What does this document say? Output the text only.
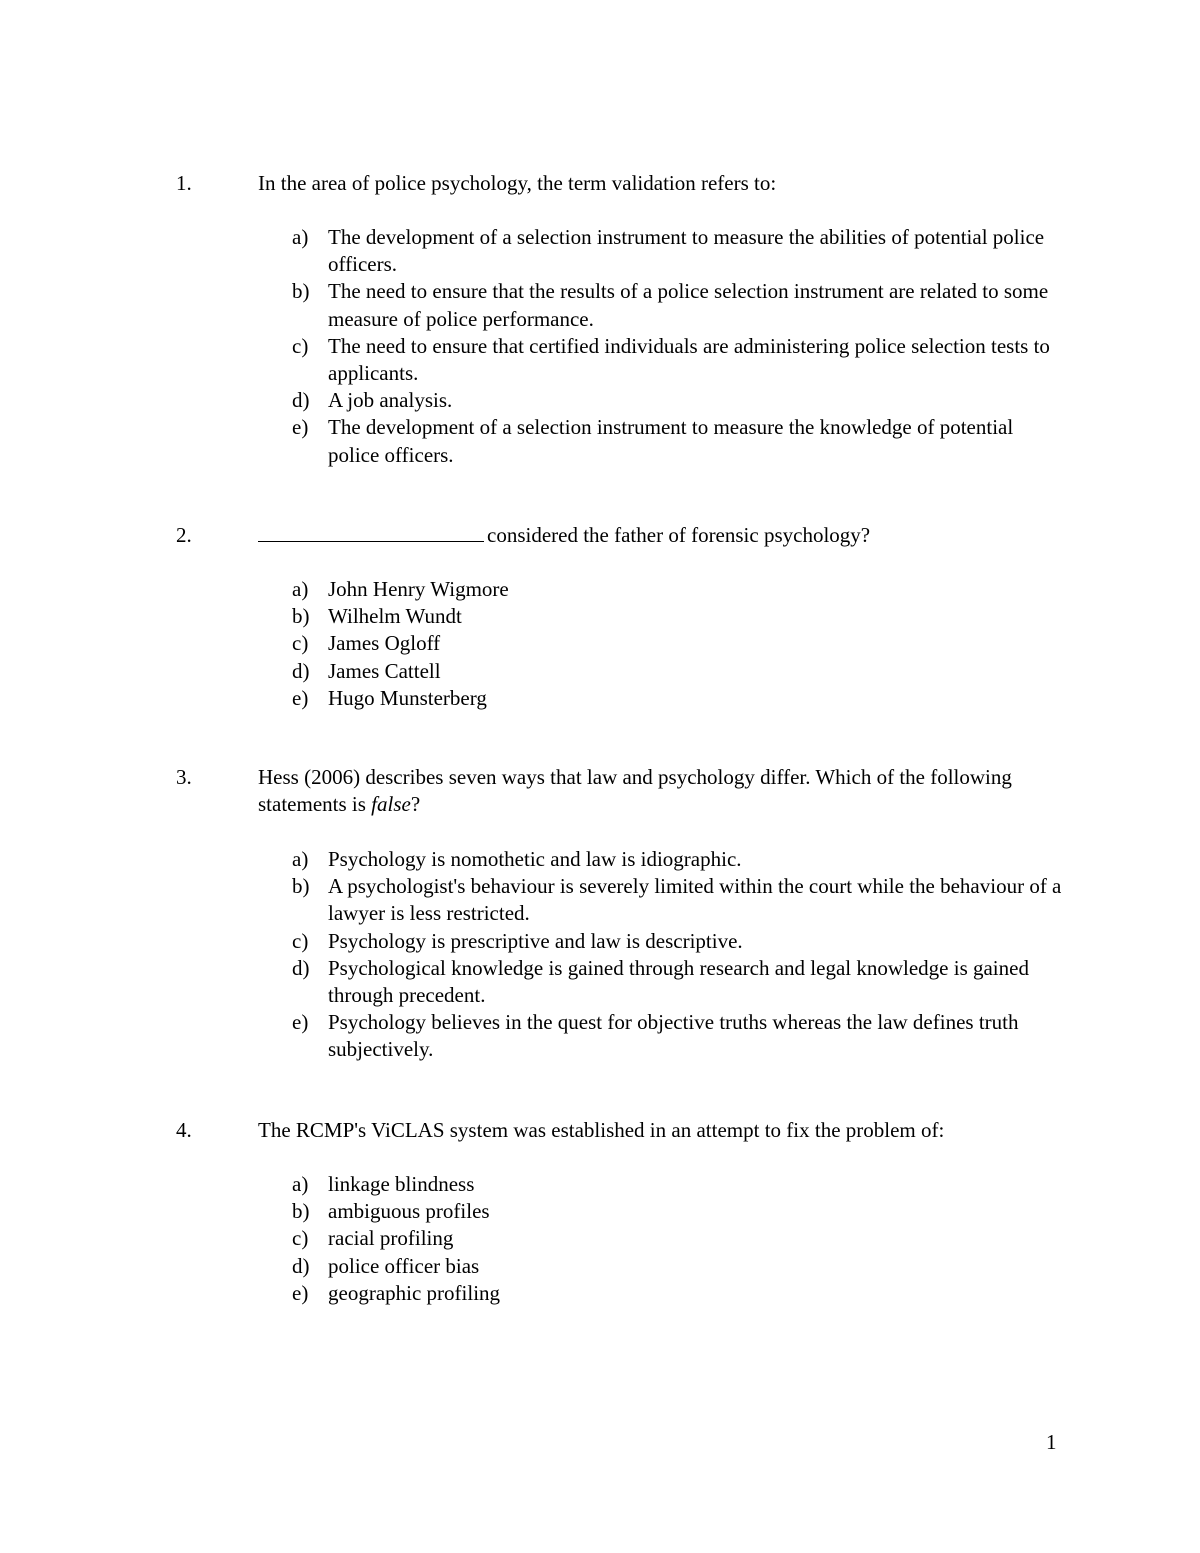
1.	In the area of police psychology, the term validation refers to:
a) The development of a selection instrument to measure the abilities of potential police officers.
b) The need to ensure that the results of a police selection instrument are related to some measure of police performance.
c) The need to ensure that certified individuals are administering police selection tests to applicants.
d) A job analysis.
e) The development of a selection instrument to measure the knowledge of potential police officers.
2.	considered the father of forensic psychology?
a) John Henry Wigmore
b) Wilhelm Wundt
c) James Ogloff
d) James Cattell
e) Hugo Munsterberg
3.	Hess (2006) describes seven ways that law and psychology differ. Which of the following statements is false?
a) Psychology is nomothetic and law is idiographic.
b) A psychologist's behaviour is severely limited within the court while the behaviour of a lawyer is less restricted.
c) Psychology is prescriptive and law is descriptive.
d) Psychological knowledge is gained through research and legal knowledge is gained through precedent.
e) Psychology believes in the quest for objective truths whereas the law defines truth subjectively.
4.	The RCMP's ViCLAS system was established in an attempt to fix the problem of:
a) linkage blindness
b) ambiguous profiles
c) racial profiling
d) police officer bias
e) geographic profiling
1
